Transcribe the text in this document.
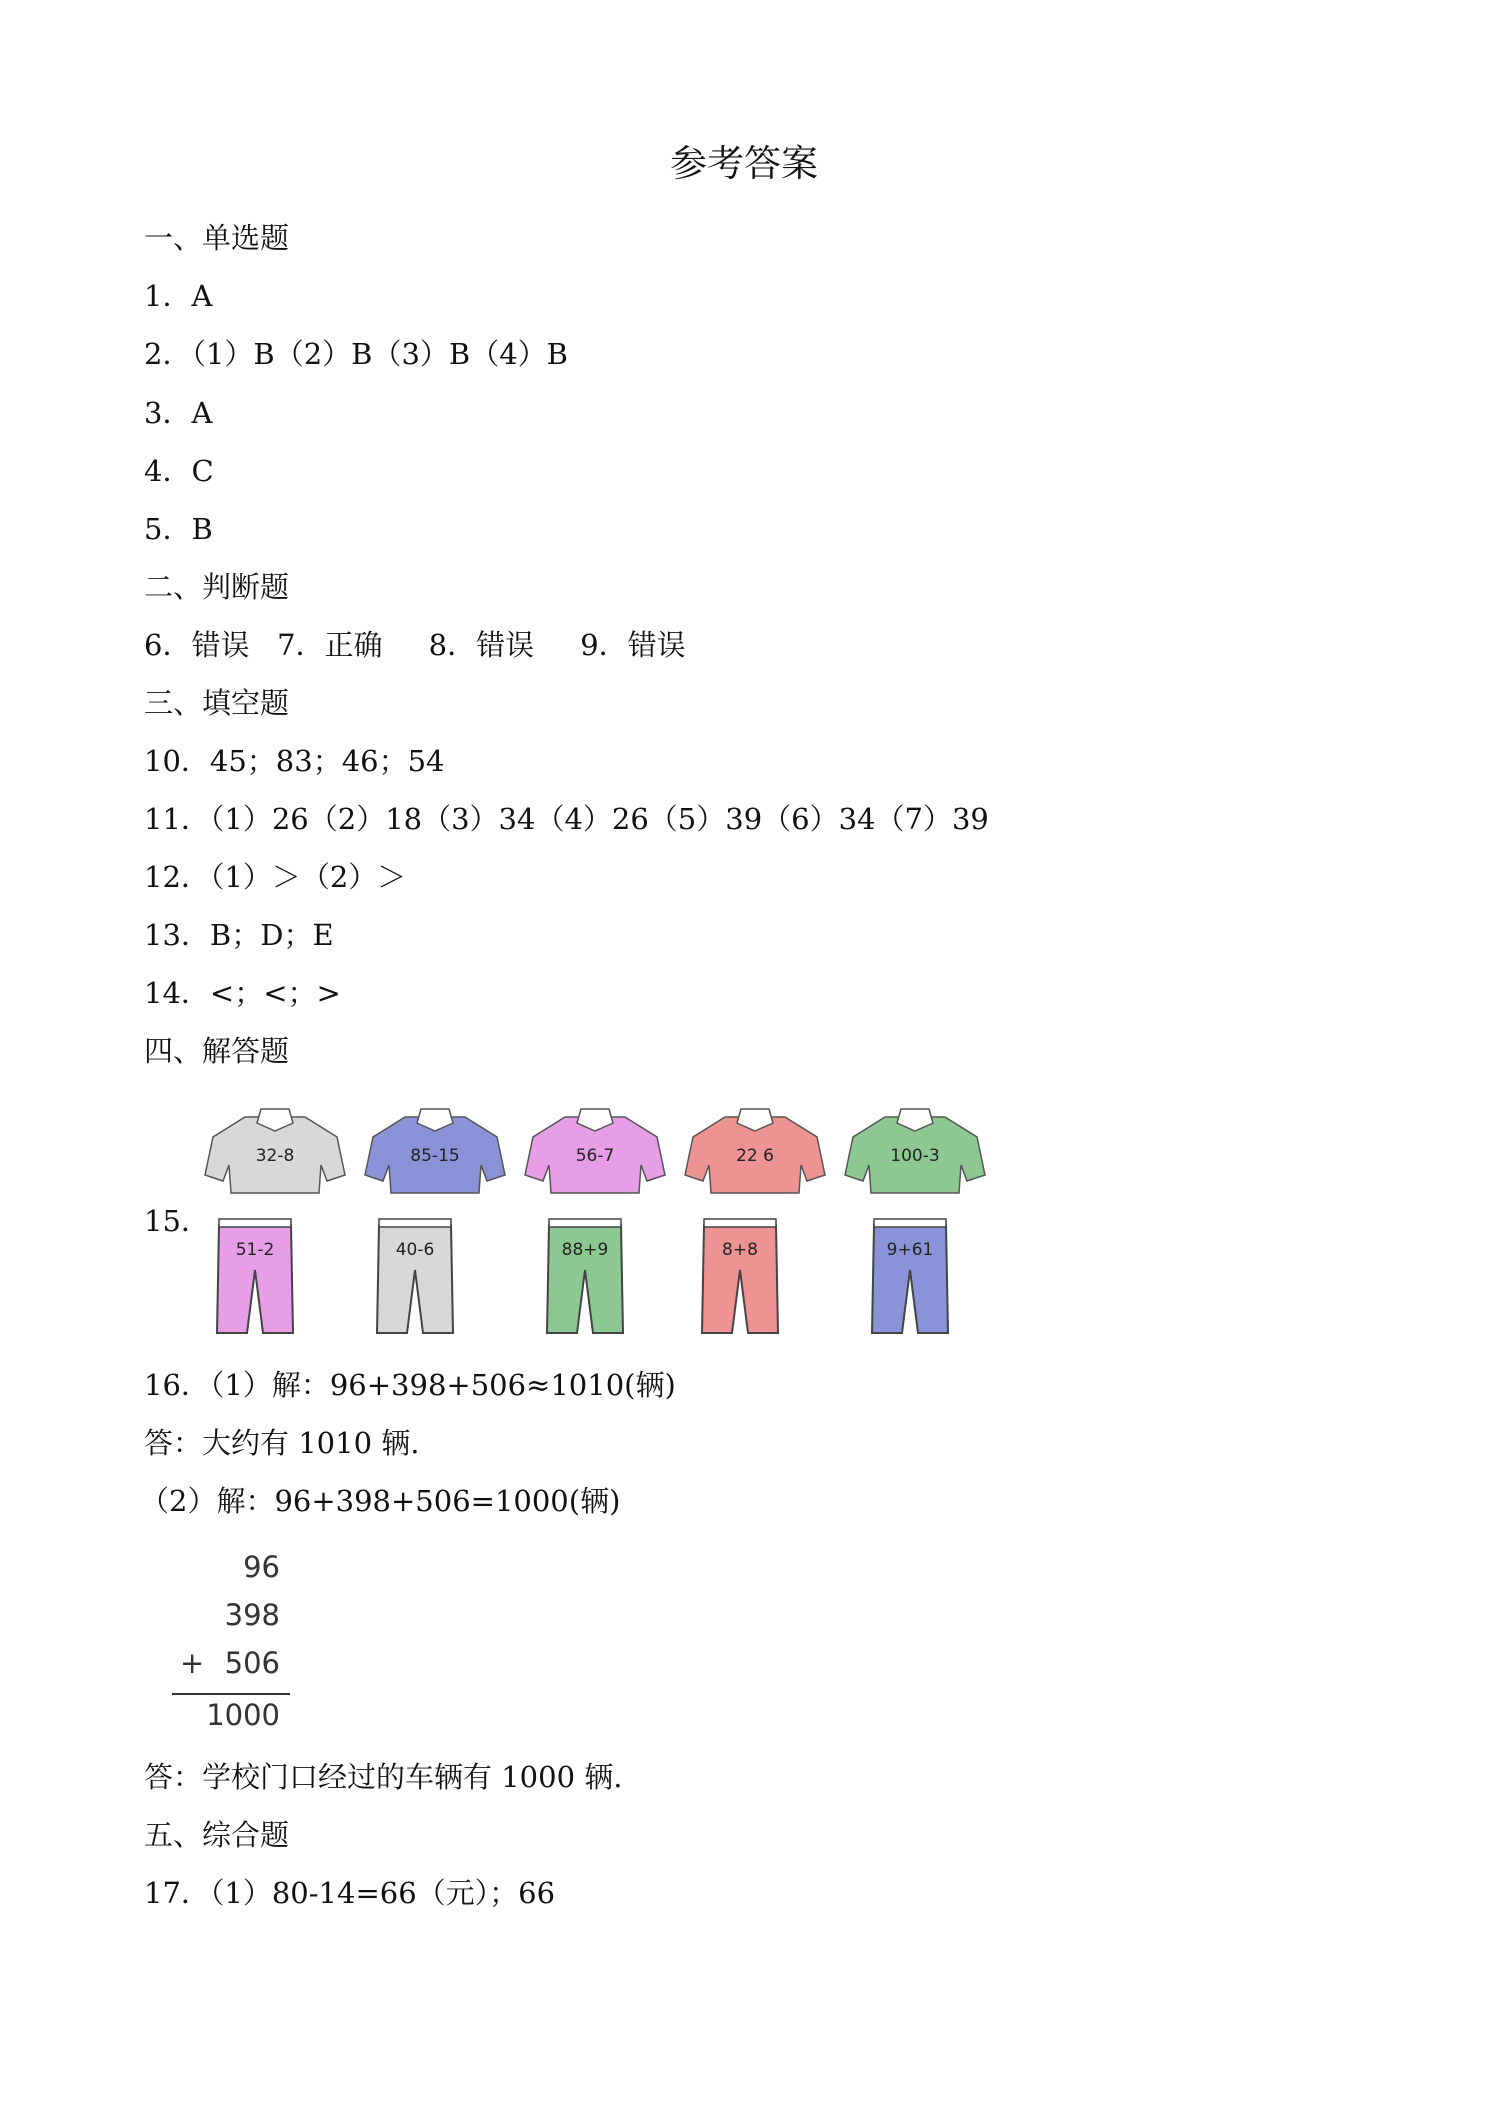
参考答案
一、单选题
1．A
2．（1）B（2）B（3）B（4）B
3．A
4．C
5．B
二、判断题
6．错误   7．正确     8．错误     9．错误
三、填空题
10．45；83；46；54
11．（1）26（2）18（3）34（4）26（5）39（6）34（7）39
12．（1）＞（2）＞
13．B；D；E
14．<；<；>
四、解答题
15．
32-8	85-15	56-7	22 6	100-3
51-2	40-6	88+9	8+8	9+61
16．（1）解：96+398+506≈1010(辆)
答：大约有 1010 辆.
（2）解：96+398+506=1000(辆)
96
398
+ 506
1000
答：学校门口经过的车辆有 1000 辆.
五、综合题
17．（1）80-14=66（元）；66
